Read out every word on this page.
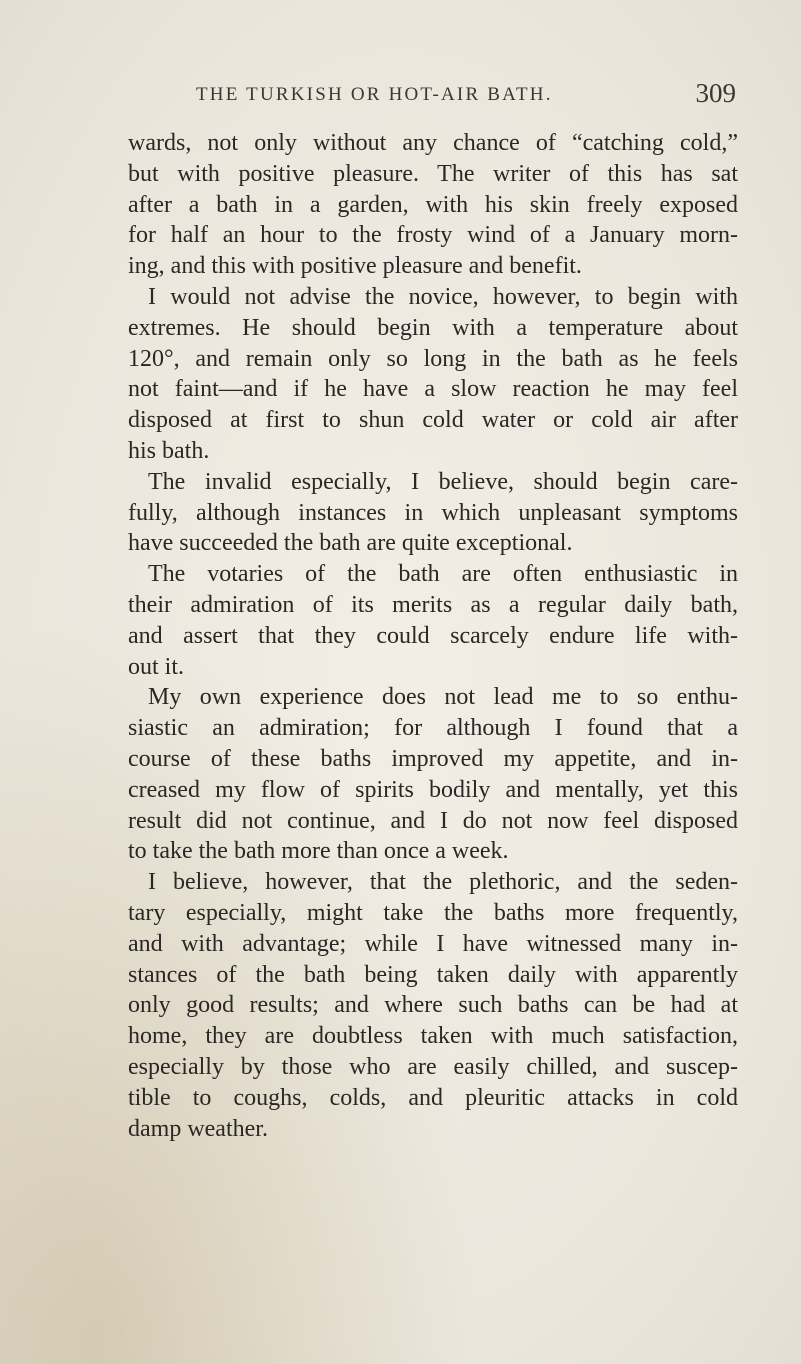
THE TURKISH OR HOT-AIR BATH.	309
wards, not only without any chance of “catching cold,”
but with positive pleasure. The writer of this has sat
after a bath in a garden, with his skin freely exposed
for half an hour to the frosty wind of a January morn-
ing, and this with positive pleasure and benefit.
I would not advise the novice, however, to begin with
extremes. He should begin with a temperature about
120°, and remain only so long in the bath as he feels
not faint—and if he have a slow reaction he may feel
disposed at first to shun cold water or cold air after
his bath.
The invalid especially, I believe, should begin care-
fully, although instances in which unpleasant symptoms
have succeeded the bath are quite exceptional.
The votaries of the bath are often enthusiastic in
their admiration of its merits as a regular daily bath,
and assert that they could scarcely endure life with-
out it.
My own experience does not lead me to so enthu-
siastic an admiration; for although I found that a
course of these baths improved my appetite, and in-
creased my flow of spirits bodily and mentally, yet this
result did not continue, and I do not now feel disposed
to take the bath more than once a week.
I believe, however, that the plethoric, and the seden-
tary especially, might take the baths more frequently,
and with advantage; while I have witnessed many in-
stances of the bath being taken daily with apparently
only good results; and where such baths can be had at
home, they are doubtless taken with much satisfaction,
especially by those who are easily chilled, and suscep-
tible to coughs, colds, and pleuritic attacks in cold
damp weather.
